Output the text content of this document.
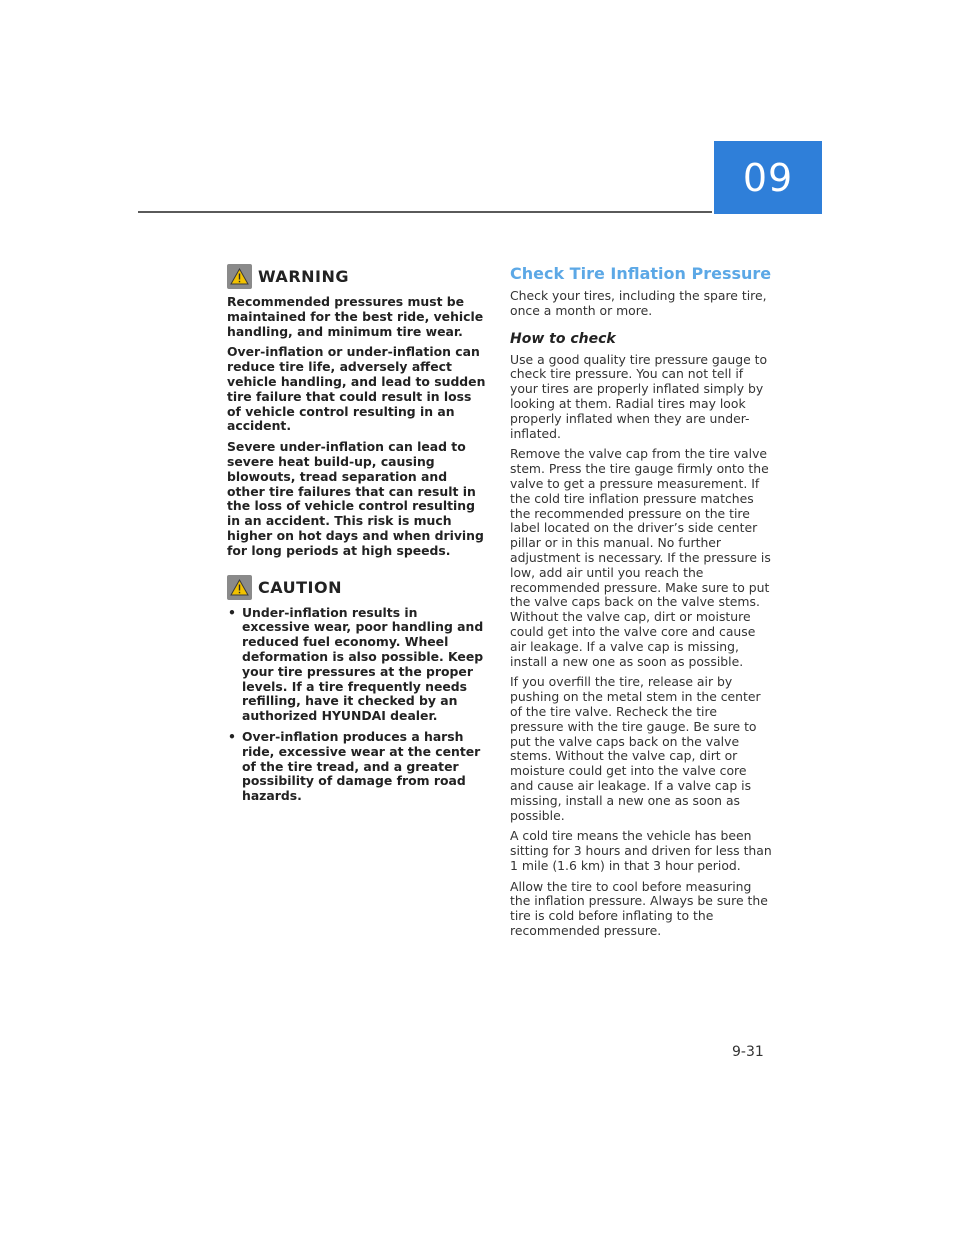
09
WARNING

Recommended pressures must be maintained for the best ride, vehicle handling, and minimum tire wear.

Over-inflation or under-inflation can reduce tire life, adversely affect vehicle handling, and lead to sudden tire failure that could result in loss of vehicle control resulting in an accident.

Severe under-inflation can lead to severe heat build-up, causing blowouts, tread separation and other tire failures that can result in the loss of vehicle control resulting in an accident. This risk is much higher on hot days and when driving for long periods at high speeds.

CAUTION
• Under-inflation results in excessive wear, poor handling and reduced fuel economy. Wheel deformation is also possible. Keep your tire pressures at the proper levels. If a tire frequently needs refilling, have it checked by an authorized HYUNDAI dealer.
• Over-inflation produces a harsh ride, excessive wear at the center of the tire tread, and a greater possibility of damage from road hazards.
Check Tire Inflation Pressure

Check your tires, including the spare tire, once a month or more.

How to check

Use a good quality tire pressure gauge to check tire pressure. You can not tell if your tires are properly inflated simply by looking at them. Radial tires may look properly inflated when they are under-inflated.

Remove the valve cap from the tire valve stem. Press the tire gauge firmly onto the valve to get a pressure measurement. If the cold tire inflation pressure matches the recommended pressure on the tire label located on the driver’s side center pillar or in this manual. No further adjustment is necessary. If the pressure is low, add air until you reach the recommended pressure. Make sure to put the valve caps back on the valve stems. Without the valve cap, dirt or moisture could get into the valve core and cause air leakage. If a valve cap is missing, install a new one as soon as possible.

If you overfill the tire, release air by pushing on the metal stem in the center of the tire valve. Recheck the tire pressure with the tire gauge. Be sure to put the valve caps back on the valve stems. Without the valve cap, dirt or moisture could get into the valve core and cause air leakage. If a valve cap is missing, install a new one as soon as possible.

A cold tire means the vehicle has been sitting for 3 hours and driven for less than 1 mile (1.6 km) in that 3 hour period.

Allow the tire to cool before measuring the inflation pressure. Always be sure the tire is cold before inflating to the recommended pressure.

9-31
